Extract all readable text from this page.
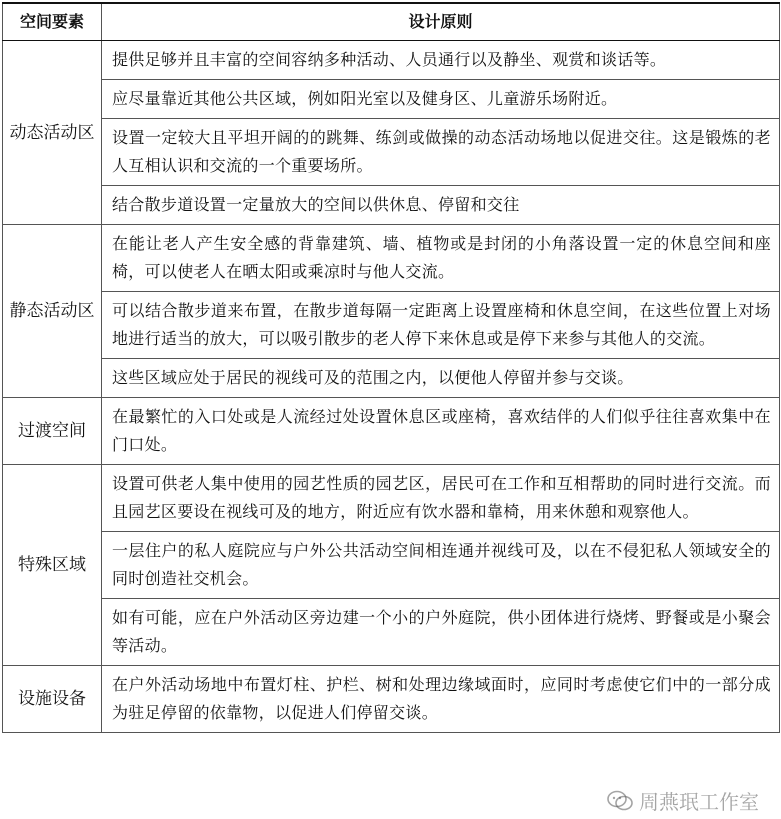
空间要素	设计原则
动态活动区	提供足够并且丰富的空间容纳多种活动、人员通行以及静坐、观赏和谈话等。
	应尽量靠近其他公共区域，例如阳光室以及健身区、儿童游乐场附近。
	设置一定较大且平坦开阔的的跳舞、练剑或做操的动态活动场地以促进交往。这是锻炼的老人互相认识和交流的一个重要场所。
	结合散步道设置一定量放大的空间以供休息、停留和交往
静态活动区	在能让老人产生安全感的背靠建筑、墙、植物或是封闭的小角落设置一定的休息空间和座椅，可以使老人在晒太阳或乘凉时与他人交流。
	可以结合散步道来布置，在散步道每隔一定距离上设置座椅和休息空间，在这些位置上对场地进行适当的放大，可以吸引散步的老人停下来休息或是停下来参与其他人的交流。
	这些区域应处于居民的视线可及的范围之内，以便他人停留并参与交谈。
过渡空间	在最繁忙的入口处或是人流经过处设置休息区或座椅，喜欢结伴的人们似乎往往喜欢集中在门口处。
特殊区域	设置可供老人集中使用的园艺性质的园艺区，居民可在工作和互相帮助的同时进行交流。而且园艺区要设在视线可及的地方，附近应有饮水器和靠椅，用来休憩和观察他人。
	一层住户的私人庭院应与户外公共活动空间相连通并视线可及，以在不侵犯私人领域安全的同时创造社交机会。
	如有可能，应在户外活动区旁边建一个小的户外庭院，供小团体进行烧烤、野餐或是小聚会等活动。
设施设备	在户外活动场地中布置灯柱、护栏、树和处理边缘域面时，应同时考虑使它们中的一部分成为驻足停留的依靠物，以促进人们停留交谈。
周燕珉工作室
